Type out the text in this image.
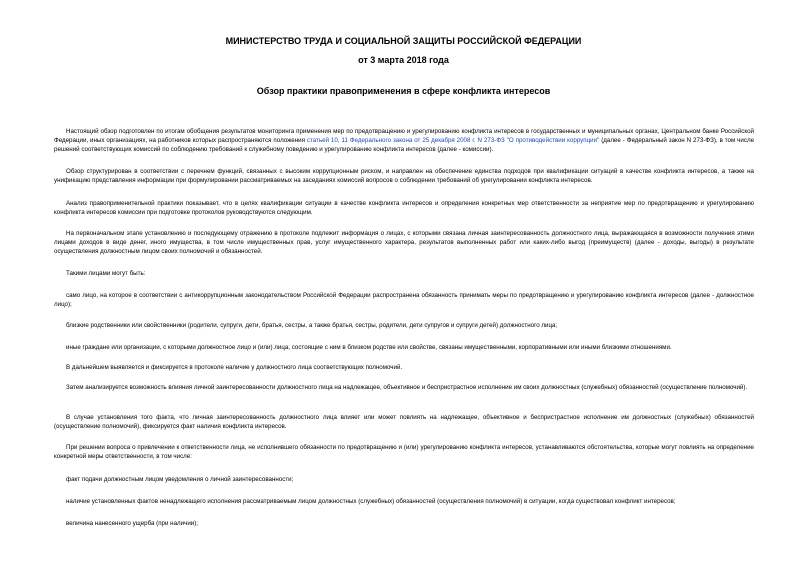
МИНИСТЕРСТВО ТРУДА И СОЦИАЛЬНОЙ ЗАЩИТЫ РОССИЙСКОЙ ФЕДЕРАЦИИ
от 3 марта 2018 года
Обзор практики правоприменения в сфере конфликта интересов
Настоящий обзор подготовлен по итогам обобщения результатов мониторинга применения мер по предотвращению и урегулированию конфликта интересов в государственных и муниципальных органах, Центральном банке Российской Федерации, иных организациях, на работников которых распространяются положения статьей 10, 11 Федерального закона от 25 декабря 2008 г. N 273-ФЗ "О противодействии коррупции" (далее - Федеральный закон N 273-ФЗ), в том числе решений соответствующих комиссий по соблюдению требований к служебному поведению и урегулированию конфликта интересов (далее - комиссии).
Обзор структурирован в соответствии с перечнем функций, связанных с высоким коррупционным риском, и направлен на обеспечение единства подходов при квалификации ситуаций в качестве конфликта интересов, а также на унификацию представления информации при формулировании рассматриваемых на заседаниях комиссий вопросов о соблюдении требований об урегулировании конфликта интересов.
Анализ правоприменительной практики показывает, что в целях квалификации ситуации в качестве конфликта интересов и определения конкретных мер ответственности за неприятие мер по предотвращению и урегулированию конфликта интересов комиссии при подготовке протоколов руководствуются следующим.
На первоначальном этапе установлению и последующему отражению в протоколе подлежит информация о лицах, с которыми связана личная заинтересованность должностного лица, выражающаяся в возможности получения этими лицами доходов в виде денег, иного имущества, в том числе имущественных прав, услуг имущественного характера, результатов выполненных работ или каких-либо выгод (преимуществ) (далее - доходы, выгоды) в результате осуществления должностным лицом своих полномочий и обязанностей.
Такими лицами могут быть:
само лицо, на которое в соответствии с антикоррупционным законодательством Российской Федерации распространена обязанность принимать меры по предотвращению и урегулированию конфликта интересов (далее - должностное лицо);
близкие родственники или свойственники (родители, супруги, дети, братья, сестры, а также братья, сестры, родители, дети супругов и супруги детей) должностного лица;
иные граждане или организации, с которыми должностное лицо и (или) лица, состоящие с ним в близком родстве или свойстве, связаны имущественными, корпоративными или иными близкими отношениями.
В дальнейшем выявляется и фиксируется в протоколе наличие у должностного лица соответствующих полномочий.
Затем анализируется возможность влияния личной заинтересованности должностного лица на надлежащее, объективное и беспристрастное исполнение им своих должностных (служебных) обязанностей (осуществление полномочий).
В случае установления того факта, что личная заинтересованность должностного лица влияет или может повлиять на надлежащее, объективное и беспристрастное исполнение им должностных (служебных) обязанностей (осуществление полномочий), фиксируется факт наличия конфликта интересов.
При решении вопроса о привлечении к ответственности лица, не исполнившего обязанности по предотвращению и (или) урегулированию конфликта интересов, устанавливаются обстоятельства, которые могут повлиять на определение конкретной меры ответственности, в том числе:
факт подачи должностным лицом уведомления о личной заинтересованности;
наличие установленных фактов ненадлежащего исполнения рассматриваемым лицом должностных (служебных) обязанностей (осуществления полномочий) в ситуации, когда существовал конфликт интересов;
величина нанесенного ущерба (при наличии);
